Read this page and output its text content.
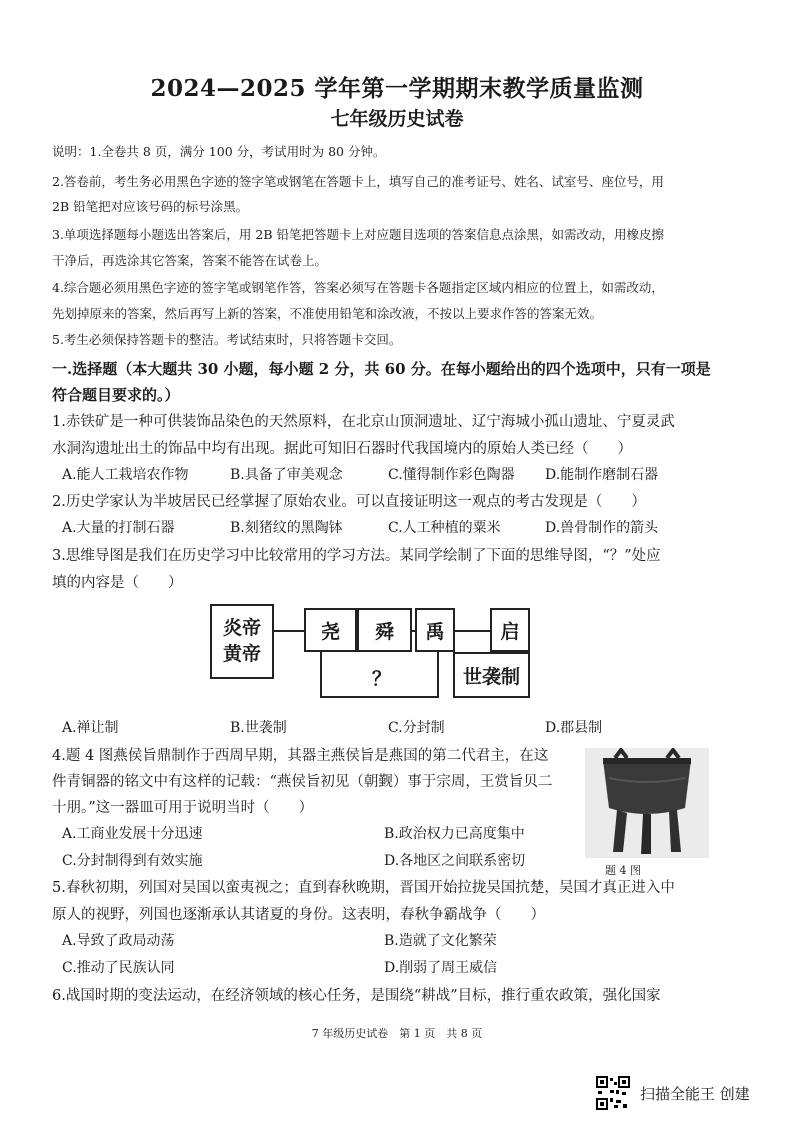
2024—2025 学年第一学期期末教学质量监测
七年级历史试卷
说明：1.全卷共 8 页，满分 100 分，考试用时为 80 分钟。
2.答卷前，考生务必用黑色字迹的签字笔或钢笔在答题卡上，填写自己的准考证号、姓名、试室号、座位号，用
2B 铅笔把对应该号码的标号涂黑。
3.单项选择题每小题选出答案后，用 2B 铅笔把答题卡上对应题目选项的答案信息点涂黑，如需改动，用橡皮擦
干净后，再选涂其它答案，答案不能答在试卷上。
4.综合题必须用黑色字迹的签字笔或钢笔作答，答案必须写在答题卡各题指定区域内相应的位置上，如需改动，
先划掉原来的答案，然后再写上新的答案，不准使用铅笔和涂改液，不按以上要求作答的答案无效。
5.考生必须保持答题卡的整洁。考试结束时，只将答题卡交回。
一.选择题（本大题共 30 小题，每小题 2 分，共 60 分。在每小题给出的四个选项中，只有一项是
符合题目要求的。）
1.赤铁矿是一种可供装饰品染色的天然原料，在北京山顶洞遗址、辽宁海城小孤山遗址、宁夏灵武
水洞沟遗址出土的饰品中均有出现。据此可知旧石器时代我国境内的原始人类已经（　　）
A.能人工栽培农作物	B.具备了审美观念	C.懂得制作彩色陶器 D.能制作磨制石器
2.历史学家认为半坡居民已经掌握了原始农业。可以直接证明这一观点的考古发现是（　　）
A.大量的打制石器	B.刻猪纹的黑陶钵	C.人工种植的粟米	D.兽骨制作的箭头
3.思维导图是我们在历史学习中比较常用的学习方法。某同学绘制了下面的思维导图，“？”处应
填的内容是（　　）
炎帝
黄帝
尧	舜	禹	启
世袭制
？
A.禅让制	B.世袭制	C.分封制	D.郡县制
4.题 4 图燕侯旨鼎制作于西周早期，其器主燕侯旨是燕国的第二代君主，在这
件青铜器的铭文中有这样的记载：“燕侯旨初见（朝觐）事于宗周，王赏旨贝二
十朋。”这一器皿可用于说明当时（　　）
题 4 图
A.工商业发展十分迅速	B.政治权力已高度集中
C.分封制得到有效实施	D.各地区之间联系密切
5.春秋初期，列国对吴国以蛮夷视之；直到春秋晚期，晋国开始拉拢吴国抗楚，吴国才真正进入中
原人的视野，列国也逐渐承认其诸夏的身份。这表明，春秋争霸战争（　　）
A.导致了政局动荡	B.造就了文化繁荣
C.推动了民族认同	D.削弱了周王威信
6.战国时期的变法运动，在经济领域的核心任务，是围绕“耕战”目标，推行重农政策，强化国家
7 年级历史试卷　第 1 页　共 8 页
扫描全能王 创建
